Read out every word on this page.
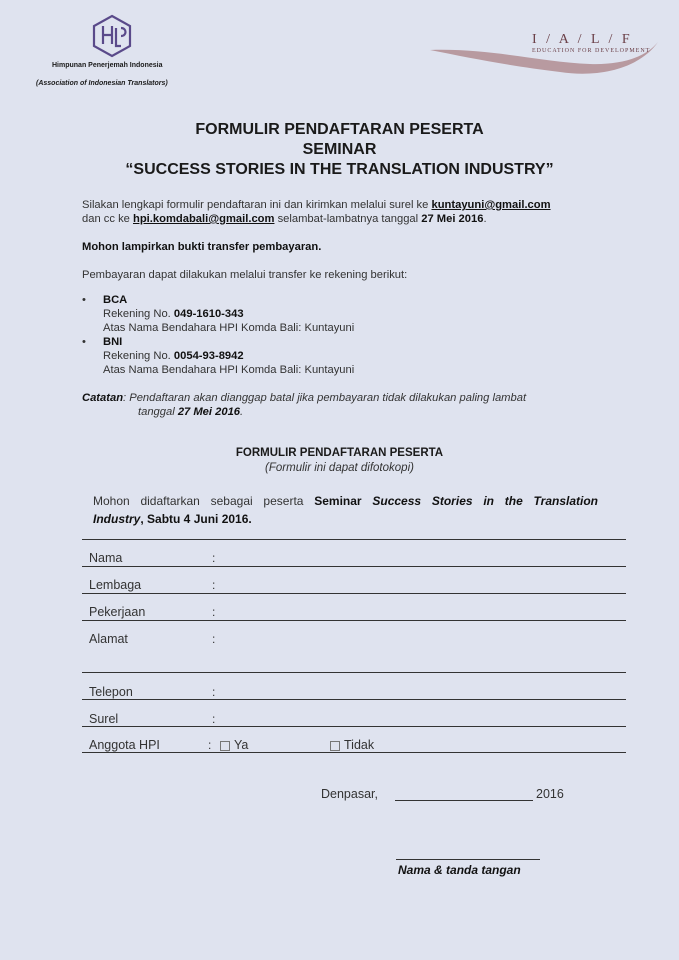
Himpunan Penerjemah Indonesia
(Association of Indonesian Translators)
I / A / L / F
EDUCATION FOR DEVELOPMENT
FORMULIR PENDAFTARAN PESERTA
SEMINAR
“SUCCESS STORIES IN THE TRANSLATION INDUSTRY”
Silakan lengkapi formulir pendaftaran ini dan kirimkan melalui surel ke kuntayuni@gmail.com
dan cc ke hpi.komdabali@gmail.com selambat-lambatnya tanggal 27 Mei 2016.
Mohon lampirkan bukti transfer pembayaran.
Pembayaran dapat dilakukan melalui transfer ke rekening berikut:
• BCA
Rekening No. 049-1610-343
Atas Nama Bendahara HPI Komda Bali: Kuntayuni
• BNI
Rekening No. 0054-93-8942
Atas Nama Bendahara HPI Komda Bali: Kuntayuni
Catatan: Pendaftaran akan dianggap batal jika pembayaran tidak dilakukan paling lambat
tanggal 27 Mei 2016.
FORMULIR PENDAFTARAN PESERTA
(Formulir ini dapat difotokopi)
Mohon didaftarkan sebagai peserta Seminar Success Stories in the Translation
Industry, Sabtu 4 Juni 2016.
Nama	:
Lembaga	:
Pekerjaan	:
Alamat	:
Telepon	:
Surel	:
Anggota HPI	:	Ya	Tidak
Denpasar,	2016
Nama & tanda tangan
